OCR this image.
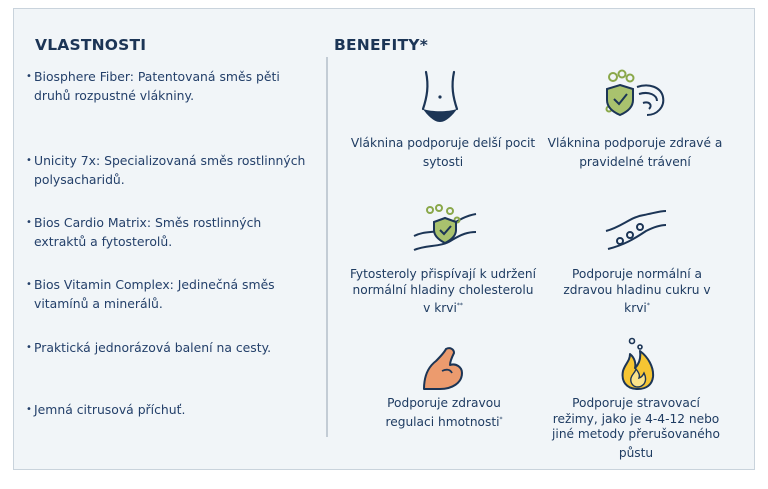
VLASTNOSTI
• Biosphere Fiber: Patentovaná směs pěti druhů rozpustné vlákniny.
• Unicity 7x: Specializovaná směs rostlinných polysacharidů.
• Bios Cardio Matrix: Směs rostlinných extraktů a fytosterolů.
• Bios Vitamin Complex: Jedinečná směs vitamínů a minerálů.
• Praktická jednorázová balení na cesty.
• Jemná citrusová příchuť.
BENEFITY*
Vláknina podporuje delší pocit sytosti
Vláknina podporuje zdravé a pravidelné trávení
Fytosteroly přispívají k udržení normální hladiny cholesterolu v krvi**
Podporuje normální a zdravou hladinu cukru v krvi*
Podporuje zdravou regulaci hmotnosti*
Podporuje stravovací režimy, jako je 4-4-12 nebo jiné metody přerušovaného půstu
